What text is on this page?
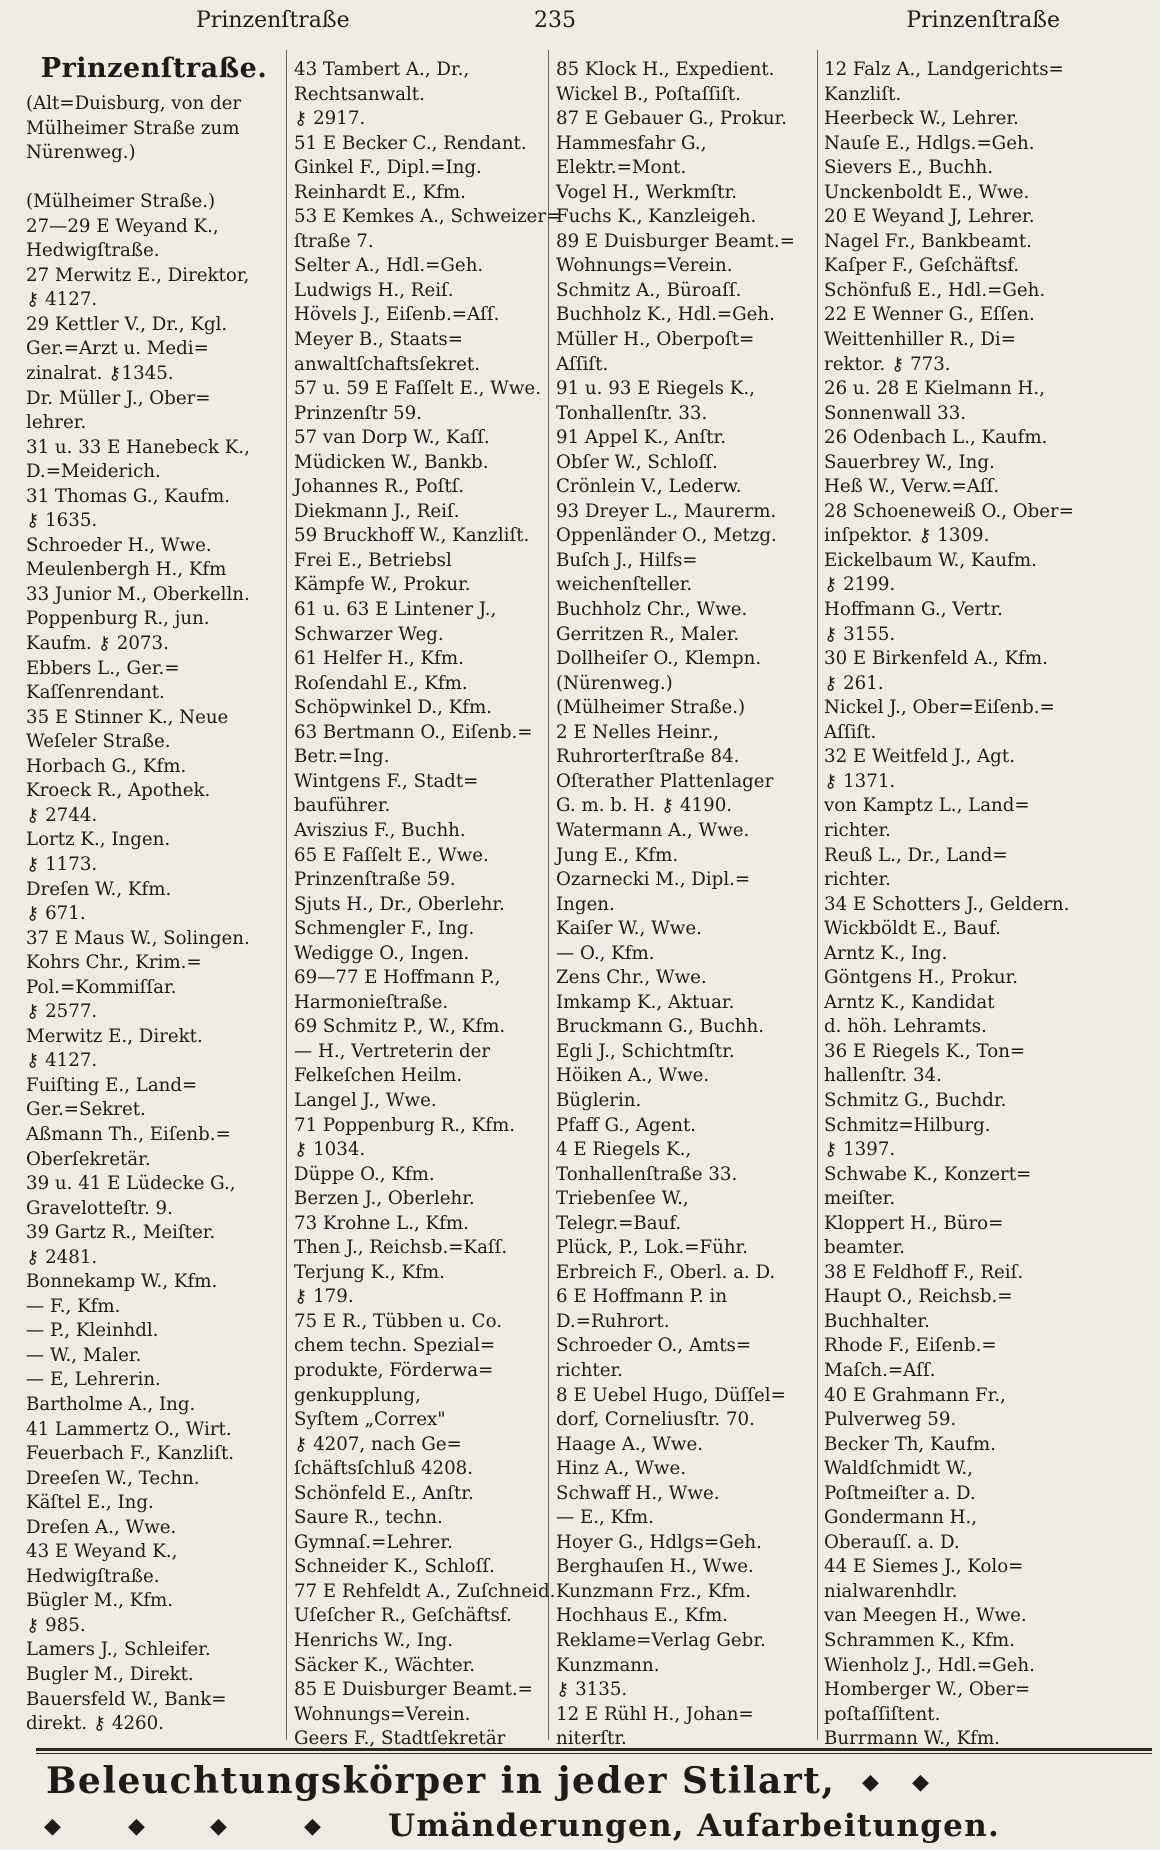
Prinzenſtraße	235	Prinzenſtraße
Prinzenſtraße.
(Alt=Duisburg, von der
Mülheimer Straße zum
Nürenweg.)
(Mülheimer Straße.)
27—29 E Weyand K.,
Hedwigſtraße.
27 Merwitz E., Direktor,
⚷ 4127.
29 Kettler V., Dr., Kgl.
Ger.=Arzt u. Medi=
zinalrat. ⚷1345.
Dr. Müller J., Ober=
lehrer.
31 u. 33 E Hanebeck K.,
D.=Meiderich.
31 Thomas G., Kaufm.
⚷ 1635.
Schroeder H., Wwe.
Meulenbergh H., Kfm
33 Junior M., Oberkelln.
Poppenburg R., jun.
Kaufm. ⚷ 2073.
Ebbers L., Ger.=
Kaſſenrendant.
35 E Stinner K., Neue
Weſeler Straße.
Horbach G., Kfm.
Kroeck R., Apothek.
⚷ 2744.
Lortz K., Ingen.
⚷ 1173.
Dreſen W., Kfm.
⚷ 671.
37 E Maus W., Solingen.
Kohrs Chr., Krim.=
Pol.=Kommiſſar.
⚷ 2577.
Merwitz E., Direkt.
⚷ 4127.
Fuiſting E., Land=
Ger.=Sekret.
Aßmann Th., Eiſenb.=
Oberſekretär.
39 u. 41 E Lüdecke G.,
Gravelotteſtr. 9.
39 Gartz R., Meiſter.
⚷ 2481.
Bonnekamp W., Kfm.
— F., Kfm.
— P., Kleinhdl.
— W., Maler.
— E, Lehrerin.
Bartholme A., Ing.
41 Lammertz O., Wirt.
Feuerbach F., Kanzliſt.
Dreeſen W., Techn.
Käſtel E., Ing.
Dreſen A., Wwe.
43 E Weyand K.,
Hedwigſtraße.
Bügler M., Kfm.
⚷ 985.
Lamers J., Schleifer.
Bugler M., Direkt.
Bauersfeld W., Bank=
direkt. ⚷ 4260.
43 Tambert A., Dr.,
Rechtsanwalt.
⚷ 2917.
51 E Becker C., Rendant.
Ginkel F., Dipl.=Ing.
Reinhardt E., Kfm.
53 E Kemkes A., Schweizer=
ſtraße 7.
Selter A., Hdl.=Geh.
Ludwigs H., Reiſ.
Hövels J., Eiſenb.=Aſſ.
Meyer B., Staats=
anwaltſchaftsſekret.
57 u. 59 E Faſſelt E., Wwe.
Prinzenſtr 59.
57 van Dorp W., Kaſſ.
Müdicken W., Bankb.
Johannes R., Poſtſ.
Diekmann J., Reiſ.
59 Bruckhoff W., Kanzliſt.
Frei E., Betriebsl
Kämpfe W., Prokur.
61 u. 63 E Lintener J.,
Schwarzer Weg.
61 Helfer H., Kfm.
Roſendahl E., Kfm.
Schöpwinkel D., Kfm.
63 Bertmann O., Eiſenb.=
Betr.=Ing.
Wintgens F., Stadt=
bauführer.
Aviszius F., Buchh.
65 E Faſſelt E., Wwe.
Prinzenſtraße 59.
Sjuts H., Dr., Oberlehr.
Schmengler F., Ing.
Wedigge O., Ingen.
69—77 E Hoffmann P.,
Harmonieſtraße.
69 Schmitz P., W., Kfm.
— H., Vertreterin der
Felkeſchen Heilm.
Langel J., Wwe.
71 Poppenburg R., Kfm.
⚷ 1034.
Düppe O., Kfm.
Berzen J., Oberlehr.
73 Krohne L., Kfm.
Then J., Reichsb.=Kaſſ.
Terjung K., Kfm.
⚷ 179.
75 E R., Tübben u. Co.
chem techn. Spezial=
produkte, Förderwa=
genkupplung,
Syſtem „Correx"
⚷ 4207, nach Ge=
ſchäftsſchluß 4208.
Schönfeld E., Anſtr.
Saure R., techn.
Gymnaſ.=Lehrer.
Schneider K., Schloſſ.
77 E Rehfeldt A., Zuſchneid.
Uſeſcher R., Geſchäftsf.
Henrichs W., Ing.
Säcker K., Wächter.
85 E Duisburger Beamt.=
Wohnungs=Verein.
Geers F., Stadtſekretär
85 Klock H., Expedient.
Wickel B., Poſtaſſiſt.
87 E Gebauer G., Prokur.
Hammesfahr G.,
Elektr.=Mont.
Vogel H., Werkmſtr.
Fuchs K., Kanzleigeh.
89 E Duisburger Beamt.=
Wohnungs=Verein.
Schmitz A., Büroaſſ.
Buchholz K., Hdl.=Geh.
Müller H., Oberpoſt=
Aſſiſt.
91 u. 93 E Riegels K.,
Tonhallenſtr. 33.
91 Appel K., Anſtr.
Obſer W., Schloſſ.
Crönlein V., Lederw.
93 Dreyer L., Maurerm.
Oppenländer O., Metzg.
Buſch J., Hilfs=
weichenſteller.
Buchholz Chr., Wwe.
Gerritzen R., Maler.
Dollheiſer O., Klempn.
(Nürenweg.)
(Mülheimer Straße.)
2 E Nelles Heinr.,
Ruhrorterſtraße 84.
Oſterather Plattenlager
G. m. b. H. ⚷ 4190.
Watermann A., Wwe.
Jung E., Kfm.
Ozarnecki M., Dipl.=
Ingen.
Kaiſer W., Wwe.
— O., Kfm.
Zens Chr., Wwe.
Imkamp K., Aktuar.
Bruckmann G., Buchh.
Egli J., Schichtmſtr.
Höiken A., Wwe.
Büglerin.
Pfaff G., Agent.
4 E Riegels K.,
Tonhallenſtraße 33.
Triebenſee W.,
Telegr.=Bauf.
Plück, P., Lok.=Führ.
Erbreich F., Oberl. a. D.
6 E Hoffmann P. in
D.=Ruhrort.
Schroeder O., Amts=
richter.
8 E Uebel Hugo, Düſſel=
dorf, Corneliusſtr. 70.
Haage A., Wwe.
Hinz A., Wwe.
Schwaff H., Wwe.
— E., Kfm.
Hoyer G., Hdlgs=Geh.
Berghauſen H., Wwe.
Kunzmann Frz., Kfm.
Hochhaus E., Kfm.
Reklame=Verlag Gebr.
Kunzmann.
⚷ 3135.
12 E Rühl H., Johan=
niterſtr.
12 Falz A., Landgerichts=
Kanzliſt.
Heerbeck W., Lehrer.
Nauſe E., Hdlgs.=Geh.
Sievers E., Buchh.
Unckenboldt E., Wwe.
20 E Weyand J, Lehrer.
Nagel Fr., Bankbeamt.
Kaſper F., Geſchäftsf.
Schönfuß E., Hdl.=Geh.
22 E Wenner G., Eſſen.
Weittenhiller R., Di=
rektor. ⚷ 773.
26 u. 28 E Kielmann H.,
Sonnenwall 33.
26 Odenbach L., Kaufm.
Sauerbrey W., Ing.
Heß W., Verw.=Aſſ.
28 Schoeneweiß O., Ober=
inſpektor. ⚷ 1309.
Eickelbaum W., Kaufm.
⚷ 2199.
Hoffmann G., Vertr.
⚷ 3155.
30 E Birkenfeld A., Kfm.
⚷ 261.
Nickel J., Ober=Eiſenb.=
Aſſiſt.
32 E Weitfeld J., Agt.
⚷ 1371.
von Kamptz L., Land=
richter.
Reuß L., Dr., Land=
richter.
34 E Schotters J., Geldern.
Wickböldt E., Bauf.
Arntz K., Ing.
Göntgens H., Prokur.
Arntz K., Kandidat
d. höh. Lehramts.
36 E Riegels K., Ton=
hallenſtr. 34.
Schmitz G., Buchdr.
Schmitz=Hilburg.
⚷ 1397.
Schwabe K., Konzert=
meiſter.
Kloppert H., Büro=
beamter.
38 E Feldhoff F., Reiſ.
Haupt O., Reichsb.=
Buchhalter.
Rhode F., Eiſenb.=
Maſch.=Aſſ.
40 E Grahmann Fr.,
Pulverweg 59.
Becker Th, Kaufm.
Waldſchmidt W.,
Poſtmeiſter a. D.
Gondermann H.,
Oberauſſ. a. D.
44 E Siemes J., Kolo=
nialwarenhdlr.
van Meegen H., Wwe.
Schrammen K., Kfm.
Wienholz J., Hdl.=Geh.
Homberger W., Ober=
poſtaſſiſtent.
Burrmann W., Kfm.
Beleuchtungskörper in jeder Stilart, ◆ ◆
◆	◆	◆	◆ Umänderungen, Aufarbeitungen.
